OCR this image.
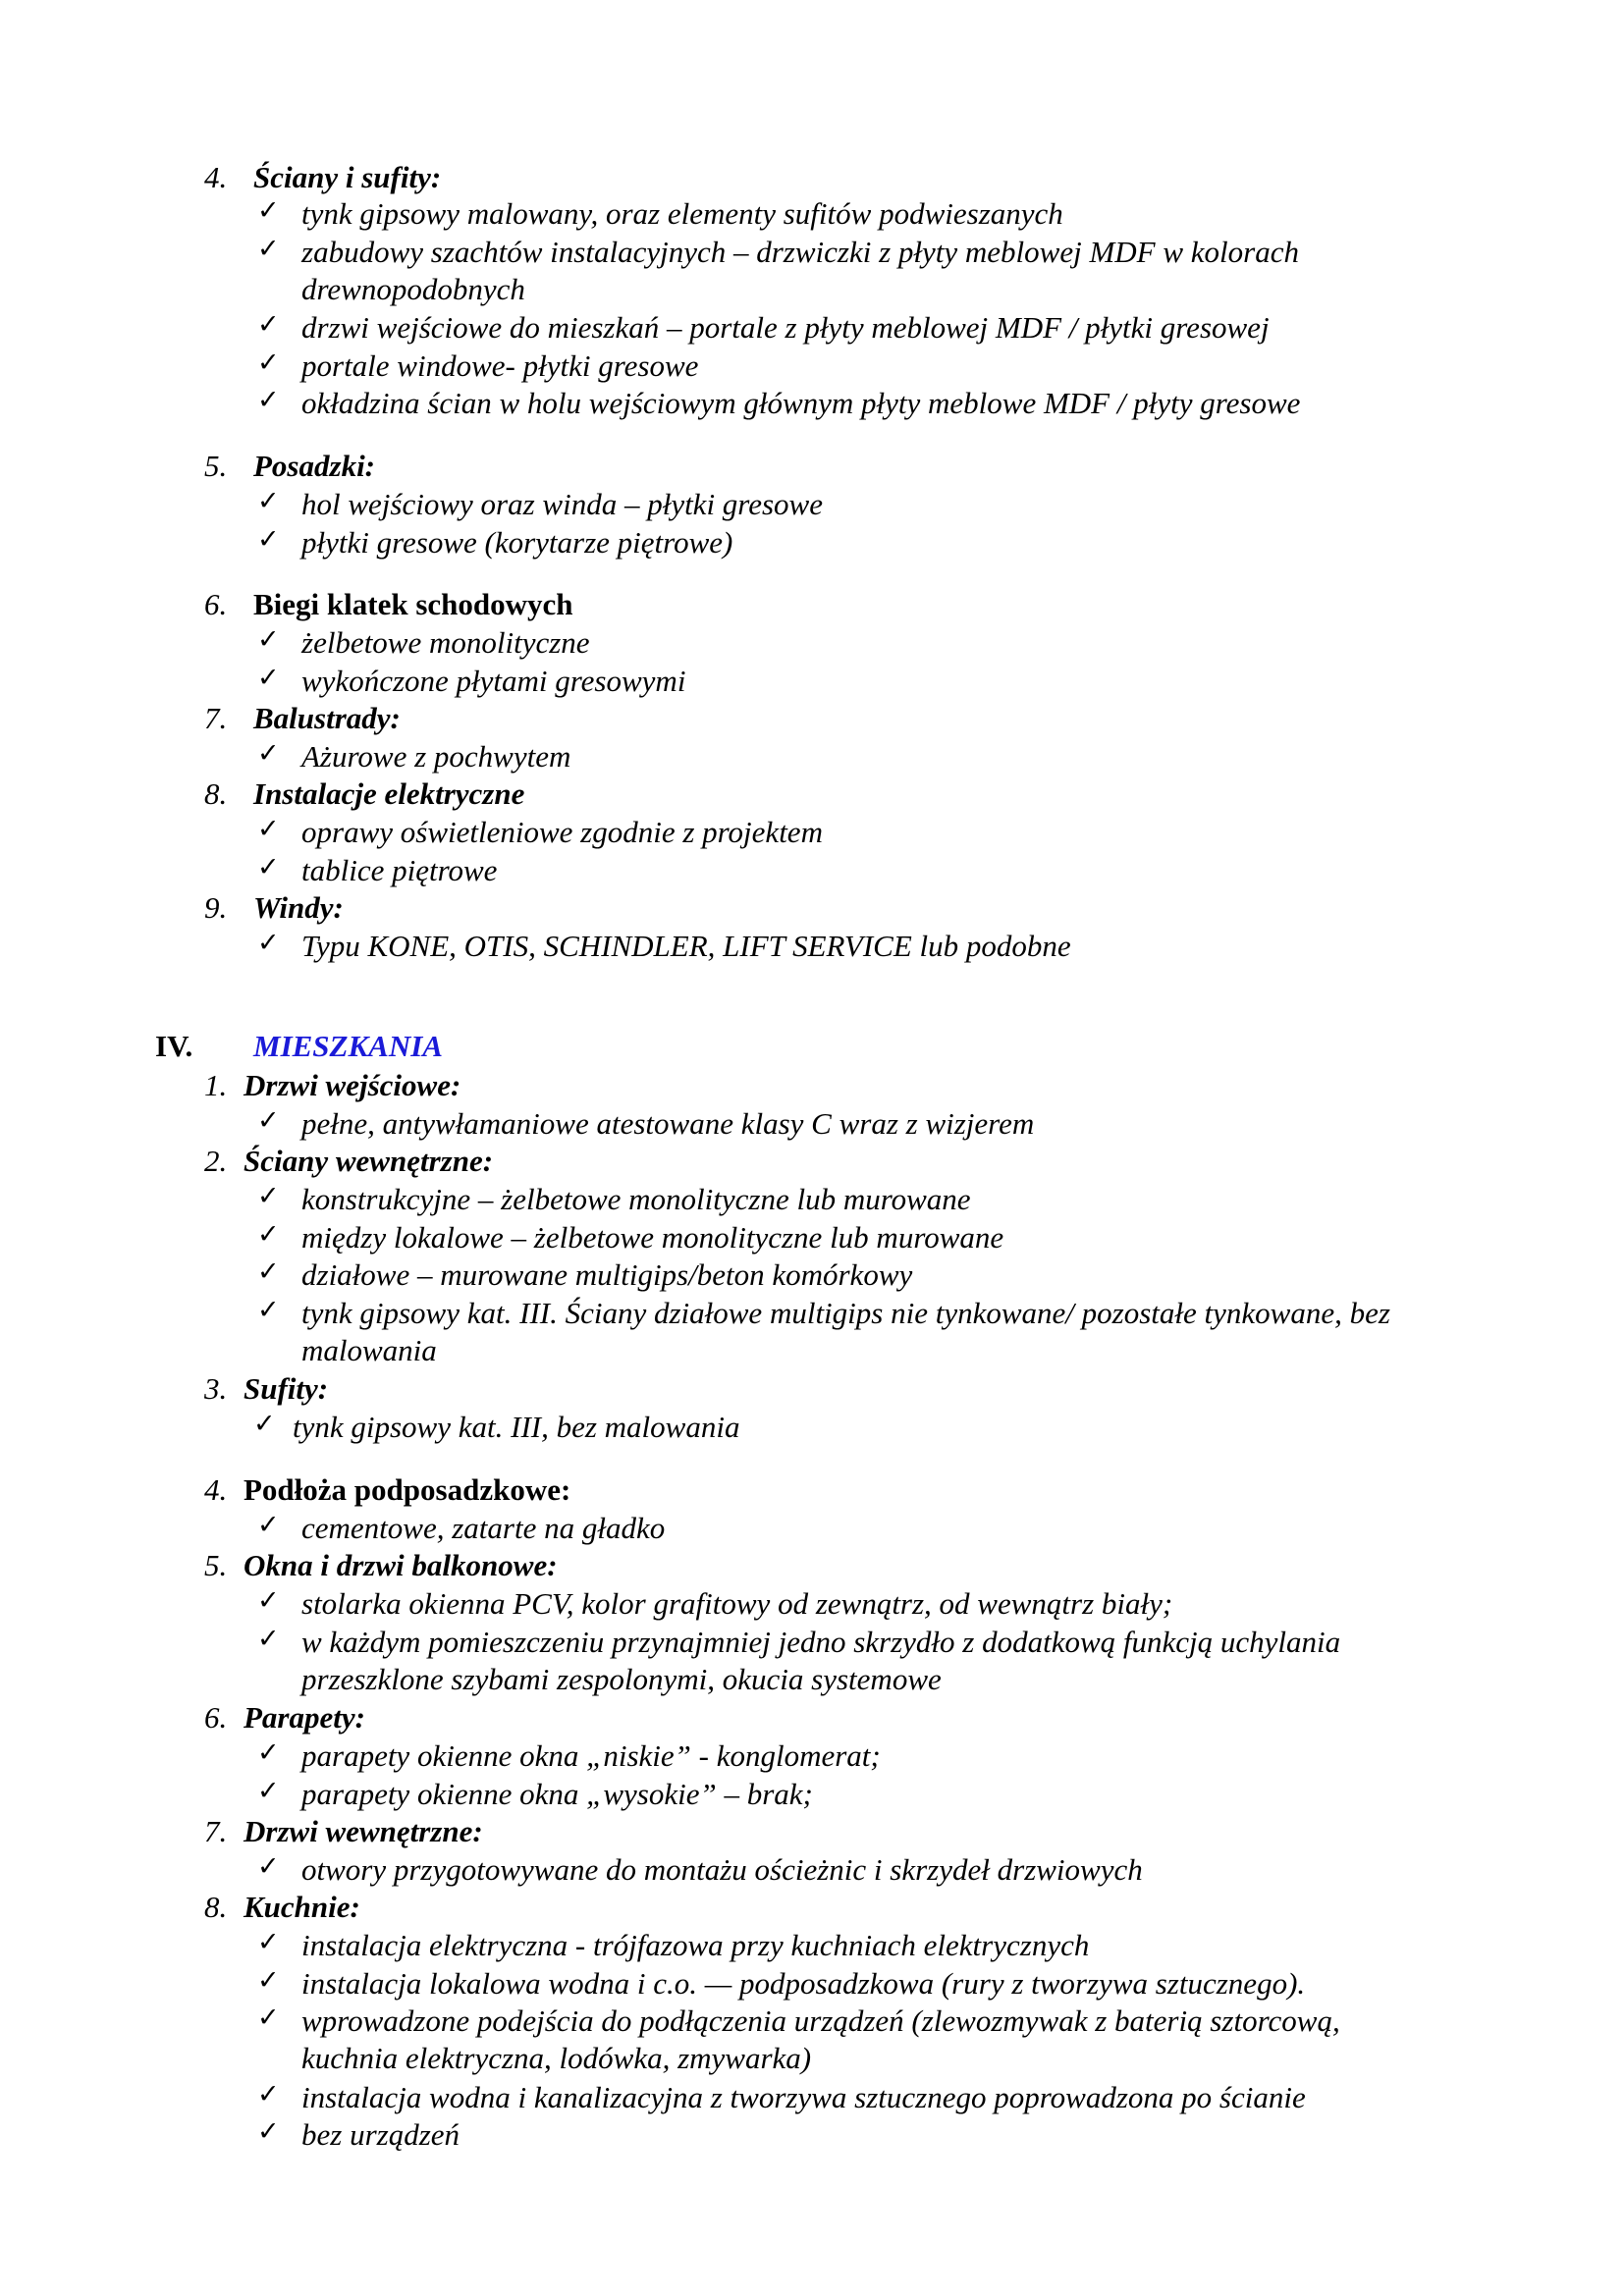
4. Ściany i sufity:
✓ tynk gipsowy malowany, oraz elementy sufitów podwieszanych
✓ zabudowy szachtów instalacyjnych – drzwiczki z płyty meblowej MDF w kolorach
drewnopodobnych
✓ drzwi wejściowe do mieszkań – portale z płyty meblowej MDF / płytki gresowej
✓ portale windowe- płytki gresowe
✓ okładzina ścian w holu wejściowym głównym płyty meblowe MDF / płyty gresowe
5. Posadzki:
✓ hol wejściowy oraz winda – płytki gresowe
✓ płytki gresowe (korytarze piętrowe)
6. Biegi klatek schodowych
✓ żelbetowe monolityczne
✓ wykończone płytami gresowymi
7. Balustrady:
✓ Ażurowe z pochwytem
8. Instalacje elektryczne
✓ oprawy oświetleniowe zgodnie z projektem
✓ tablice piętrowe
9. Windy:
✓ Typu KONE, OTIS, SCHINDLER, LIFT SERVICE lub podobne
IV. MIESZKANIA
1. Drzwi wejściowe:
✓ pełne, antywłamaniowe atestowane klasy C wraz z wizjerem
2. Ściany wewnętrzne:
✓ konstrukcyjne – żelbetowe monolityczne lub murowane
✓ między lokalowe – żelbetowe monolityczne lub murowane
✓ działowe – murowane multigips/beton komórkowy
✓ tynk gipsowy kat. III. Ściany działowe multigips nie tynkowane/ pozostałe tynkowane, bez
malowania
3. Sufity:
✓ tynk gipsowy kat. III, bez malowania
4. Podłoża podposadzkowe:
✓ cementowe, zatarte na gładko
5. Okna i drzwi balkonowe:
✓ stolarka okienna PCV, kolor grafitowy od zewnątrz, od wewnątrz biały;
✓ w każdym pomieszczeniu przynajmniej jedno skrzydło z dodatkową funkcją uchylania
przeszklone szybami zespolonymi, okucia systemowe
6. Parapety:
✓ parapety okienne okna „niskie” - konglomerat;
✓ parapety okienne okna „wysokie” – brak;
7. Drzwi wewnętrzne:
✓ otwory przygotowywane do montażu ościeżnic i skrzydeł drzwiowych
8. Kuchnie:
✓ instalacja elektryczna - trójfazowa przy kuchniach elektrycznych
✓ instalacja lokalowa wodna i c.o. — podposadzkowa (rury z tworzywa sztucznego).
✓ wprowadzone podejścia do podłączenia urządzeń (zlewozmywak z baterią sztorcową,
kuchnia elektryczna, lodówka, zmywarka)
✓ instalacja wodna i kanalizacyjna z tworzywa sztucznego poprowadzona po ścianie
✓ bez urządzeń
